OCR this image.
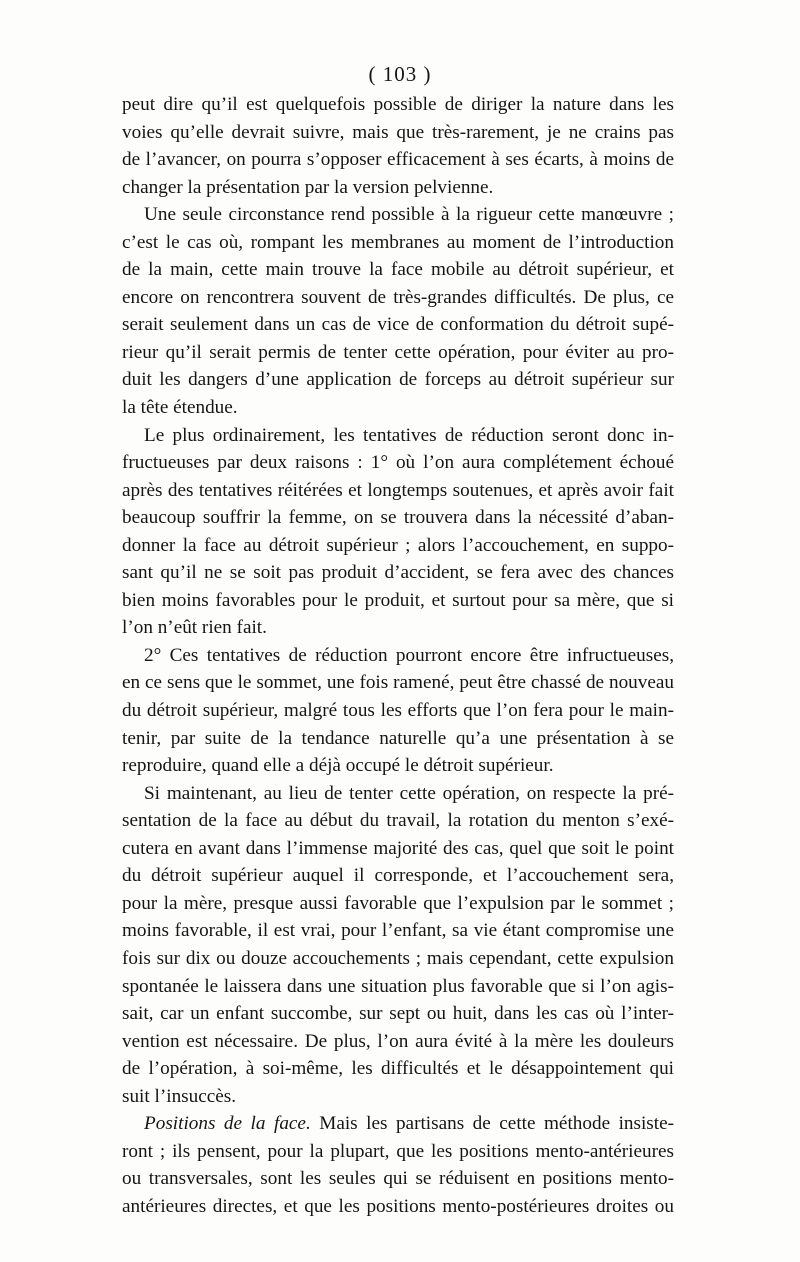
( 103 )
peut dire qu’il est quelquefois possible de diriger la nature dans les
voies qu’elle devrait suivre, mais que très-rarement, je ne crains pas
de l’avancer, on pourra s’opposer efficacement à ses écarts, à moins de
changer la présentation par la version pelvienne.
Une seule circonstance rend possible à la rigueur cette manœuvre ;
c’est le cas où, rompant les membranes au moment de l’introduction
de la main, cette main trouve la face mobile au détroit supérieur, et
encore on rencontrera souvent de très-grandes difficultés. De plus, ce
serait seulement dans un cas de vice de conformation du détroit supé-
rieur qu’il serait permis de tenter cette opération, pour éviter au pro-
duit les dangers d’une application de forceps au détroit supérieur sur
la tête étendue.
Le plus ordinairement, les tentatives de réduction seront donc in-
fructueuses par deux raisons : 1° où l’on aura complétement échoué
après des tentatives réitérées et longtemps soutenues, et après avoir fait
beaucoup souffrir la femme, on se trouvera dans la nécessité d’aban-
donner la face au détroit supérieur ; alors l’accouchement, en suppo-
sant qu’il ne se soit pas produit d’accident, se fera avec des chances
bien moins favorables pour le produit, et surtout pour sa mère, que si
l’on n’eût rien fait.
2° Ces tentatives de réduction pourront encore être infructueuses,
en ce sens que le sommet, une fois ramené, peut être chassé de nouveau
du détroit supérieur, malgré tous les efforts que l’on fera pour le main-
tenir, par suite de la tendance naturelle qu’a une présentation à se
reproduire, quand elle a déjà occupé le détroit supérieur.
Si maintenant, au lieu de tenter cette opération, on respecte la pré-
sentation de la face au début du travail, la rotation du menton s’exé-
cutera en avant dans l’immense majorité des cas, quel que soit le point
du détroit supérieur auquel il corresponde, et l’accouchement sera,
pour la mère, presque aussi favorable que l’expulsion par le sommet ;
moins favorable, il est vrai, pour l’enfant, sa vie étant compromise une
fois sur dix ou douze accouchements ; mais cependant, cette expulsion
spontanée le laissera dans une situation plus favorable que si l’on agis-
sait, car un enfant succombe, sur sept ou huit, dans les cas où l’inter-
vention est nécessaire. De plus, l’on aura évité à la mère les douleurs
de l’opération, à soi-même, les difficultés et le désappointement qui
suit l’insuccès.
Positions de la face. Mais les partisans de cette méthode insiste-
ront ; ils pensent, pour la plupart, que les positions mento-antérieures
ou transversales, sont les seules qui se réduisent en positions mento-
antérieures directes, et que les positions mento-postérieures droites ou
